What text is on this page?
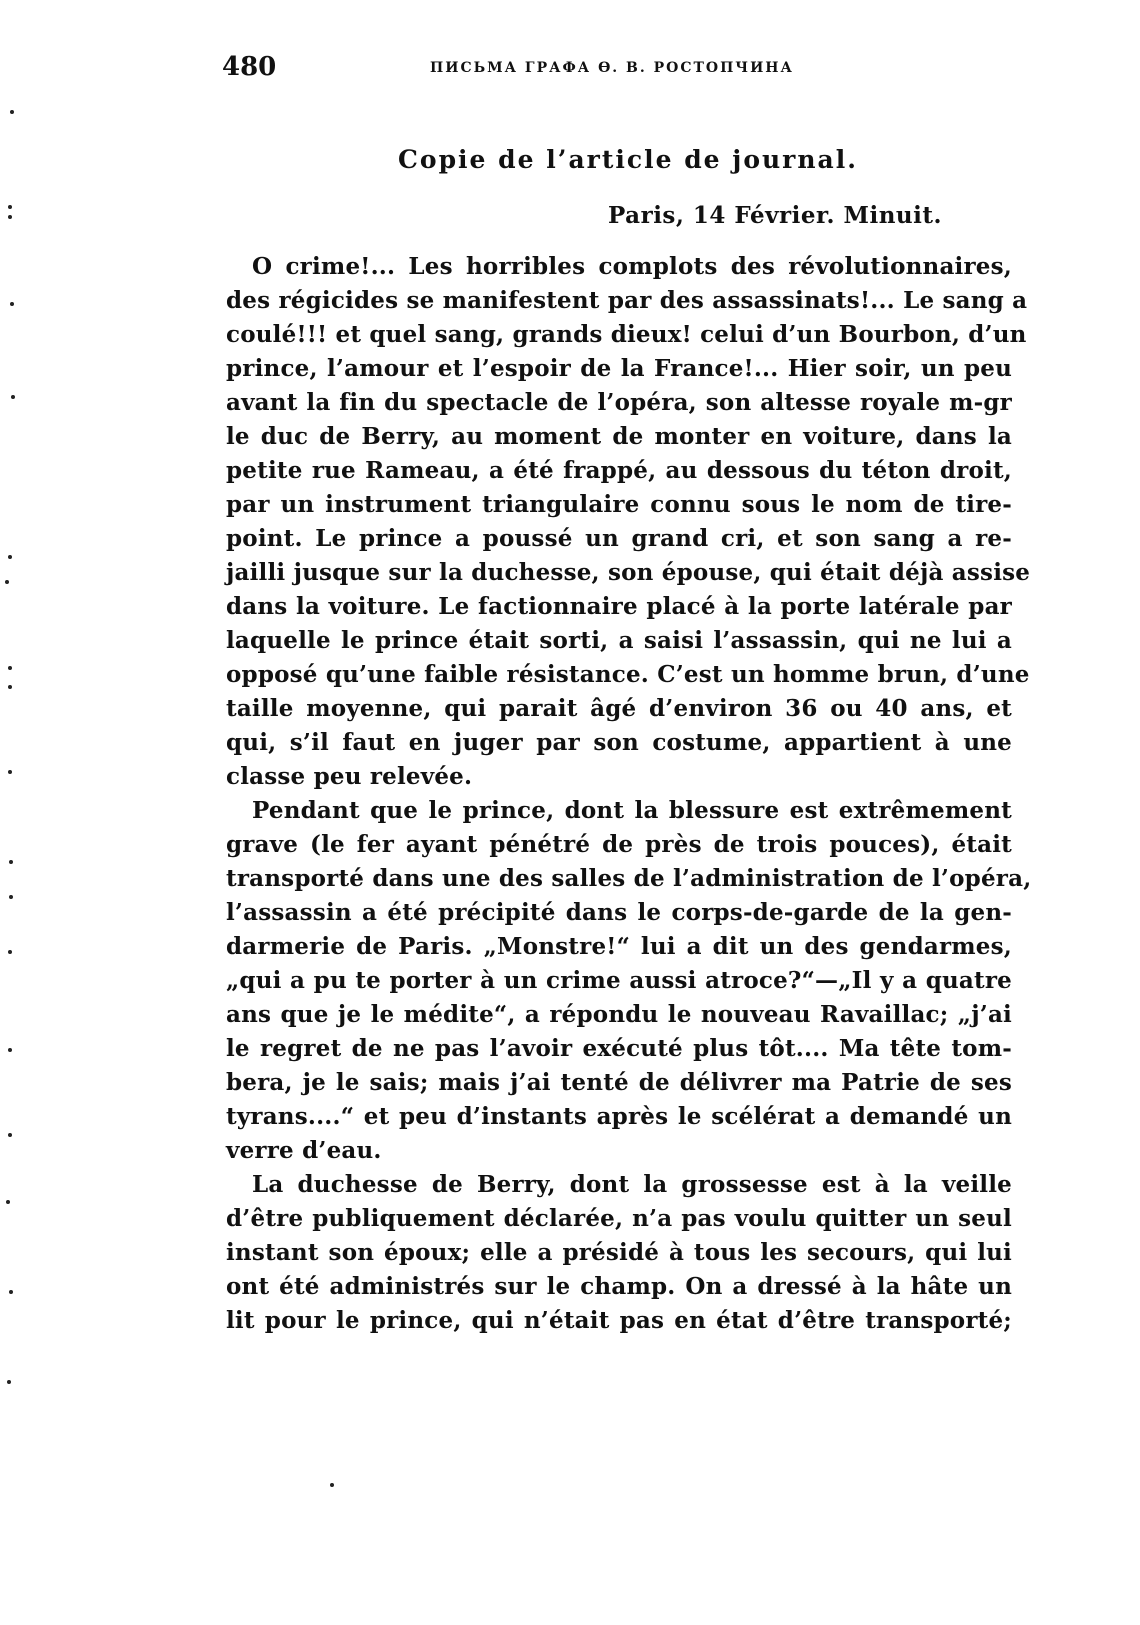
480	ПИСЬМА ГРАФА Ѳ. В. РОСТОПЧИНА
Copie de l’article de journal.
Paris, 14 Février. Minuit.
O crime!... Les horribles complots des révolutionnaires,
des régicides se manifestent par des assassinats!... Le sang a
coulé!!! et quel sang, grands dieux! celui d’un Bourbon, d’un
prince, l’amour et l’espoir de la France!... Hier soir, un peu
avant la fin du spectacle de l’opéra, son altesse royale m-gr
le duc de Berry, au moment de monter en voiture, dans la
petite rue Rameau, a été frappé, au dessous du téton droit,
par un instrument triangulaire connu sous le nom de tire-
point. Le prince a poussé un grand cri, et son sang a re-
jailli jusque sur la duchesse, son épouse, qui était déjà assise
dans la voiture. Le factionnaire placé à la porte latérale par
laquelle le prince était sorti, a saisi l’assassin, qui ne lui a
opposé qu’une faible résistance. C’est un homme brun, d’une
taille moyenne, qui parait âgé d’environ 36 ou 40 ans, et
qui, s’il faut en juger par son costume, appartient à une
classe peu relevée.
Pendant que le prince, dont la blessure est extrêmement
grave (le fer ayant pénétré de près de trois pouces), était
transporté dans une des salles de l’administration de l’opéra,
l’assassin a été précipité dans le corps-de-garde de la gen-
darmerie de Paris. „Monstre!“ lui a dit un des gendarmes,
„qui a pu te porter à un crime aussi atroce?“—„Il y a quatre
ans que je le médite“, a répondu le nouveau Ravaillac; „j’ai
le regret de ne pas l’avoir exécuté plus tôt.... Ma tête tom-
bera, je le sais; mais j’ai tenté de délivrer ma Patrie de ses
tyrans....“ et peu d’instants après le scélérat a demandé un
verre d’eau.
La duchesse de Berry, dont la grossesse est à la veille
d’être publiquement déclarée, n’a pas voulu quitter un seul
instant son époux; elle a présidé à tous les secours, qui lui
ont été administrés sur le champ. On a dressé à la hâte un
lit pour le prince, qui n’était pas en état d’être transporté;
